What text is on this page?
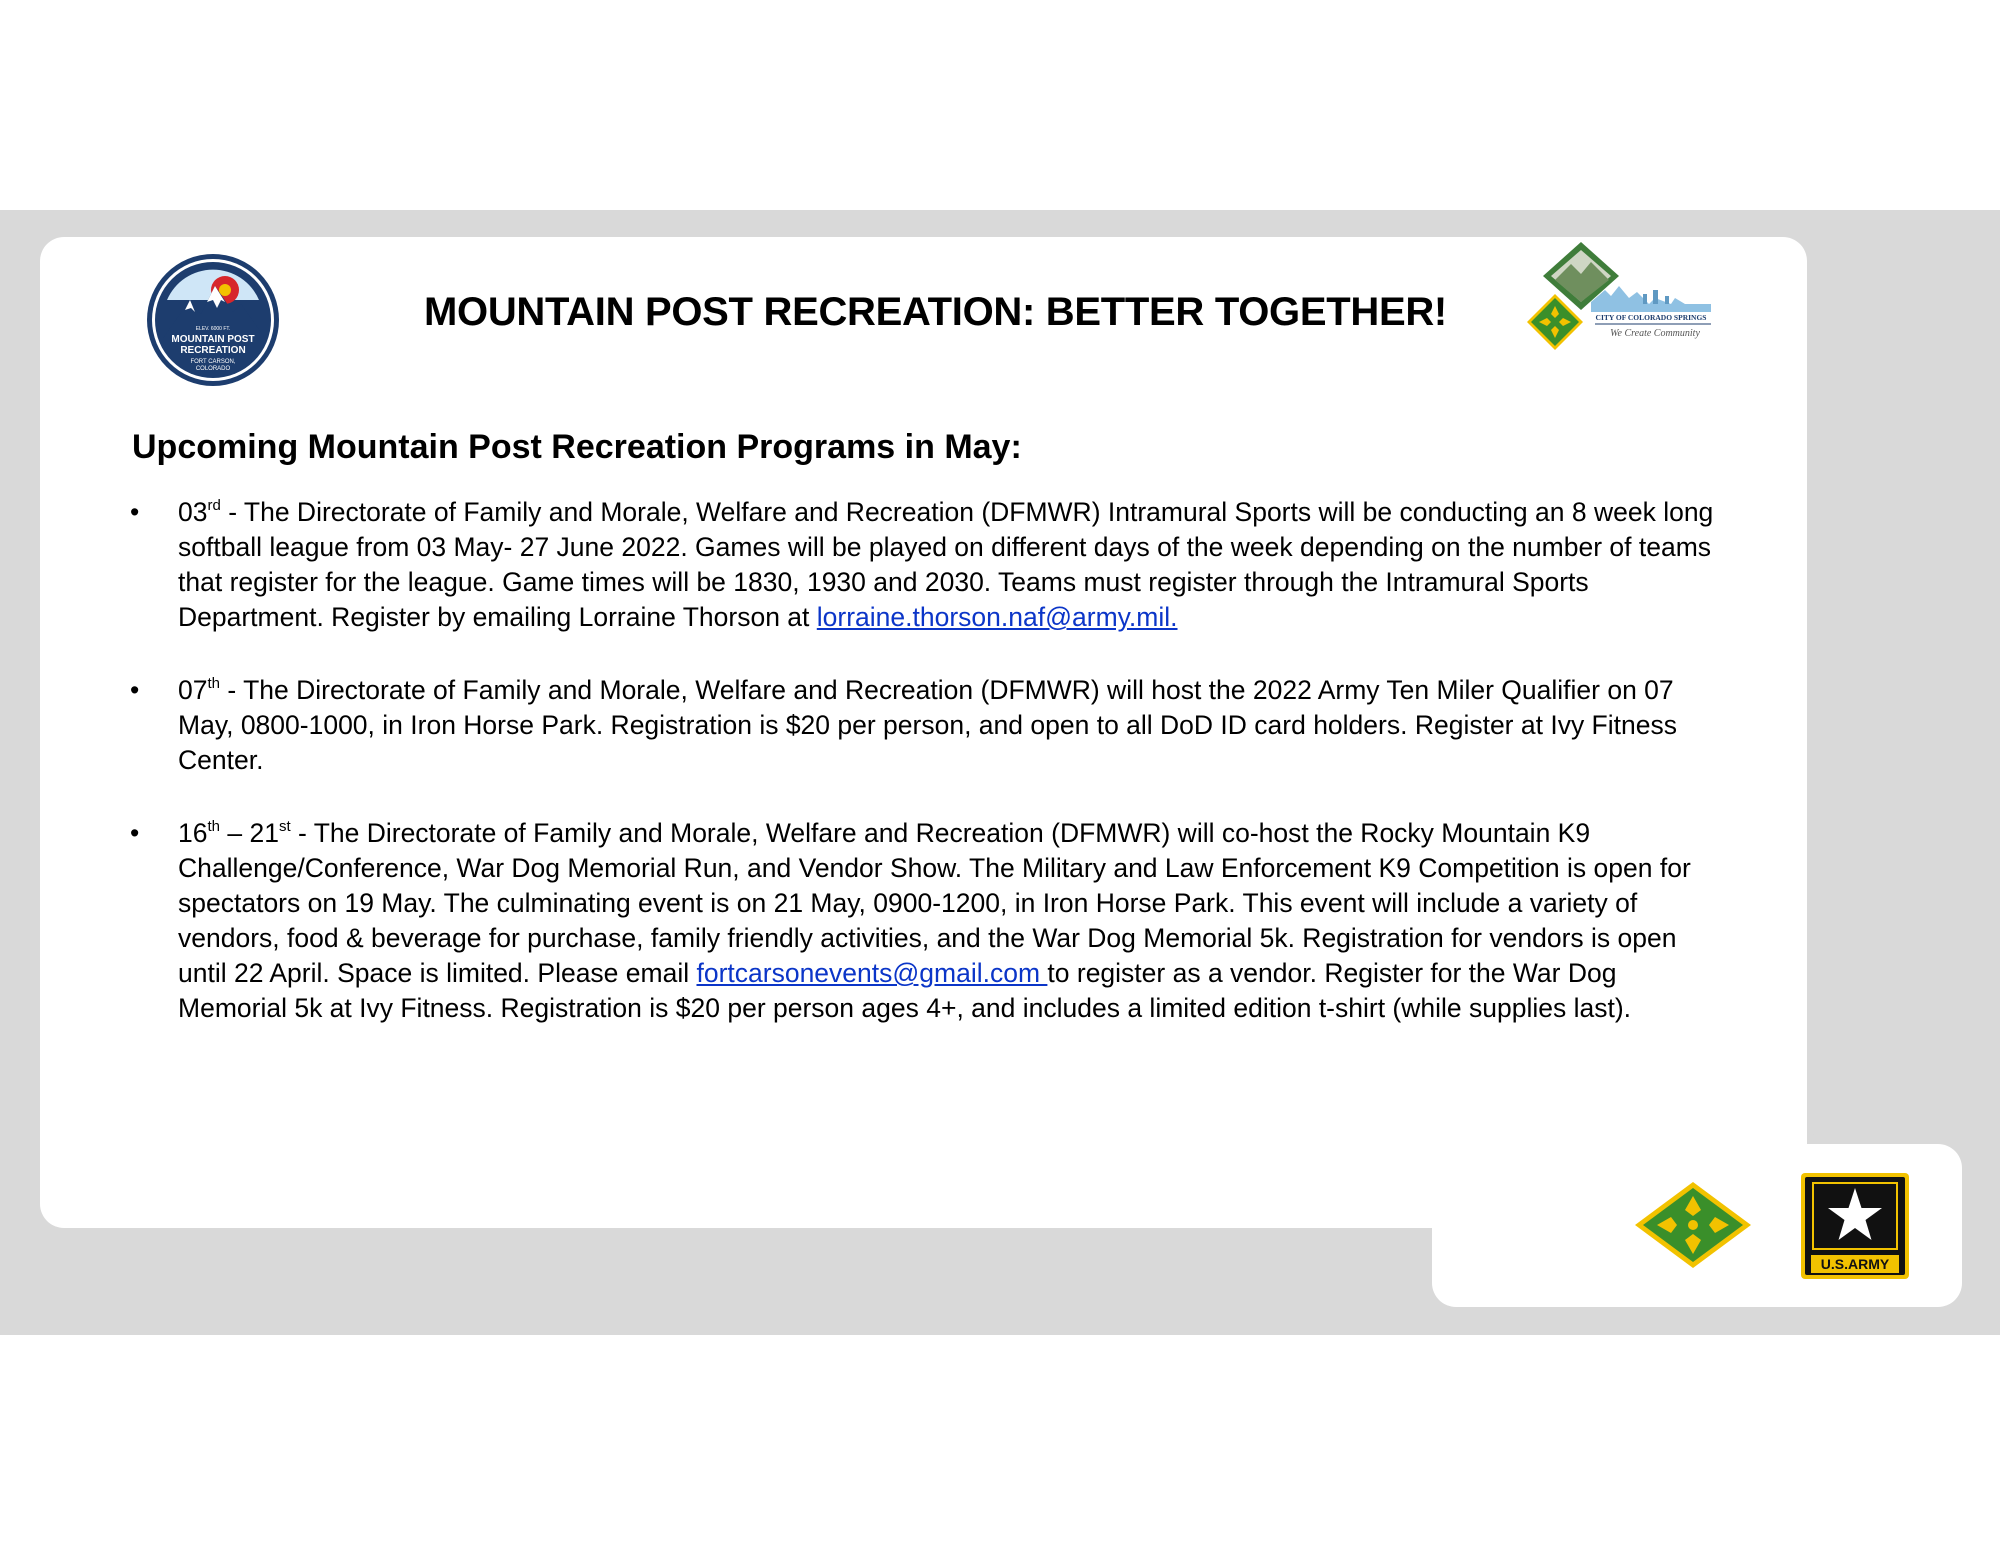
ELEV. 6000 FT.
MOUNTAIN POST
RECREATION
FORT CARSON,
COLORADO
MOUNTAIN POST RECREATION: BETTER TOGETHER!	CITY OF COLORADO SPRINGS
We Create Community
Upcoming Mountain Post Recreation Programs in May:
• 03rd - The Directorate of Family and Morale, Welfare and Recreation (DFMWR) Intramural Sports will be conducting an 8 week long softball league from 03 May- 27 June 2022. Games will be played on different days of the week depending on the number of teams that register for the league. Game times will be 1830, 1930 and 2030. Teams must register through the Intramural Sports Department. Register by emailing Lorraine Thorson at lorraine.thorson.naf@army.mil.
• 07th - The Directorate of Family and Morale, Welfare and Recreation (DFMWR) will host the 2022 Army Ten Miler Qualifier on 07 May, 0800-1000, in Iron Horse Park. Registration is $20 per person, and open to all DoD ID card holders. Register at Ivy Fitness Center.
• 16th – 21st - The Directorate of Family and Morale, Welfare and Recreation (DFMWR) will co-host the Rocky Mountain K9 Challenge/Conference, War Dog Memorial Run, and Vendor Show. The Military and Law Enforcement K9 Competition is open for spectators on 19 May. The culminating event is on 21 May, 0900-1200, in Iron Horse Park. This event will include a variety of vendors, food & beverage for purchase, family friendly activities, and the War Dog Memorial 5k. Registration for vendors is open until 22 April. Space is limited. Please email fortcarsonevents@gmail.com to register as a vendor. Register for the War Dog Memorial 5k at Ivy Fitness. Registration is $20 per person ages 4+, and includes a limited edition t-shirt (while supplies last).
U.S.ARMY
